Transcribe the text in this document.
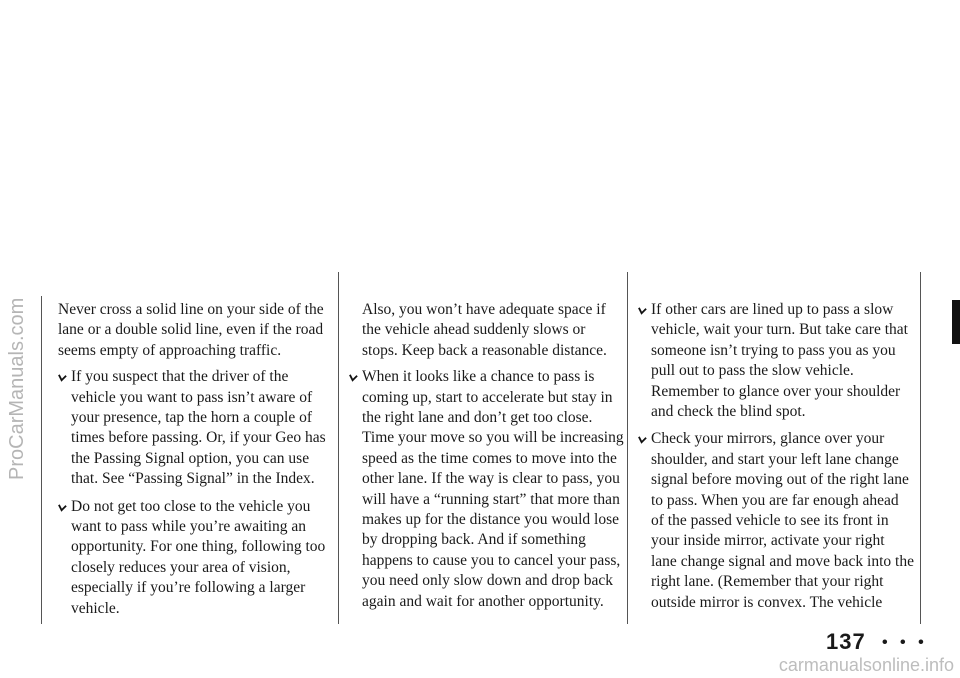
ProCarManuals.com
carmanualsonline.info

Never cross a solid line on your side of the lane or a double solid line, even if the road seems empty of approaching traffic.

If you suspect that the driver of the vehicle you want to pass isn’t aware of your presence, tap the horn a couple of times before passing. Or, if your Geo has the Passing Signal option, you can use that. See “Passing Signal” in the Index.

Do not get too close to the vehicle you want to pass while you’re awaiting an opportunity. For one thing, following too closely reduces your area of vision, especially if you’re following a larger vehicle.

Also, you won’t have adequate space if the vehicle ahead suddenly slows or stops. Keep back a reasonable distance.

When it looks like a chance to pass is coming up, start to accelerate but stay in the right lane and don’t get too close. Time your move so you will be increasing speed as the time comes to move into the other lane. If the way is clear to pass, you will have a “running start” that more than makes up for the distance you would lose by dropping back. And if something happens to cause you to cancel your pass, you need only slow down and drop back again and wait for another opportunity.

If other cars are lined up to pass a slow vehicle, wait your turn. But take care that someone isn’t trying to pass you as you pull out to pass the slow vehicle. Remember to glance over your shoulder and check the blind spot.

Check your mirrors, glance over your shoulder, and start your left lane change signal before moving out of the right lane to pass. When you are far enough ahead of the passed vehicle to see its front in your inside mirror, activate your right lane change signal and move back into the right lane. (Remember that your right outside mirror is convex. The vehicle

137 • • •
